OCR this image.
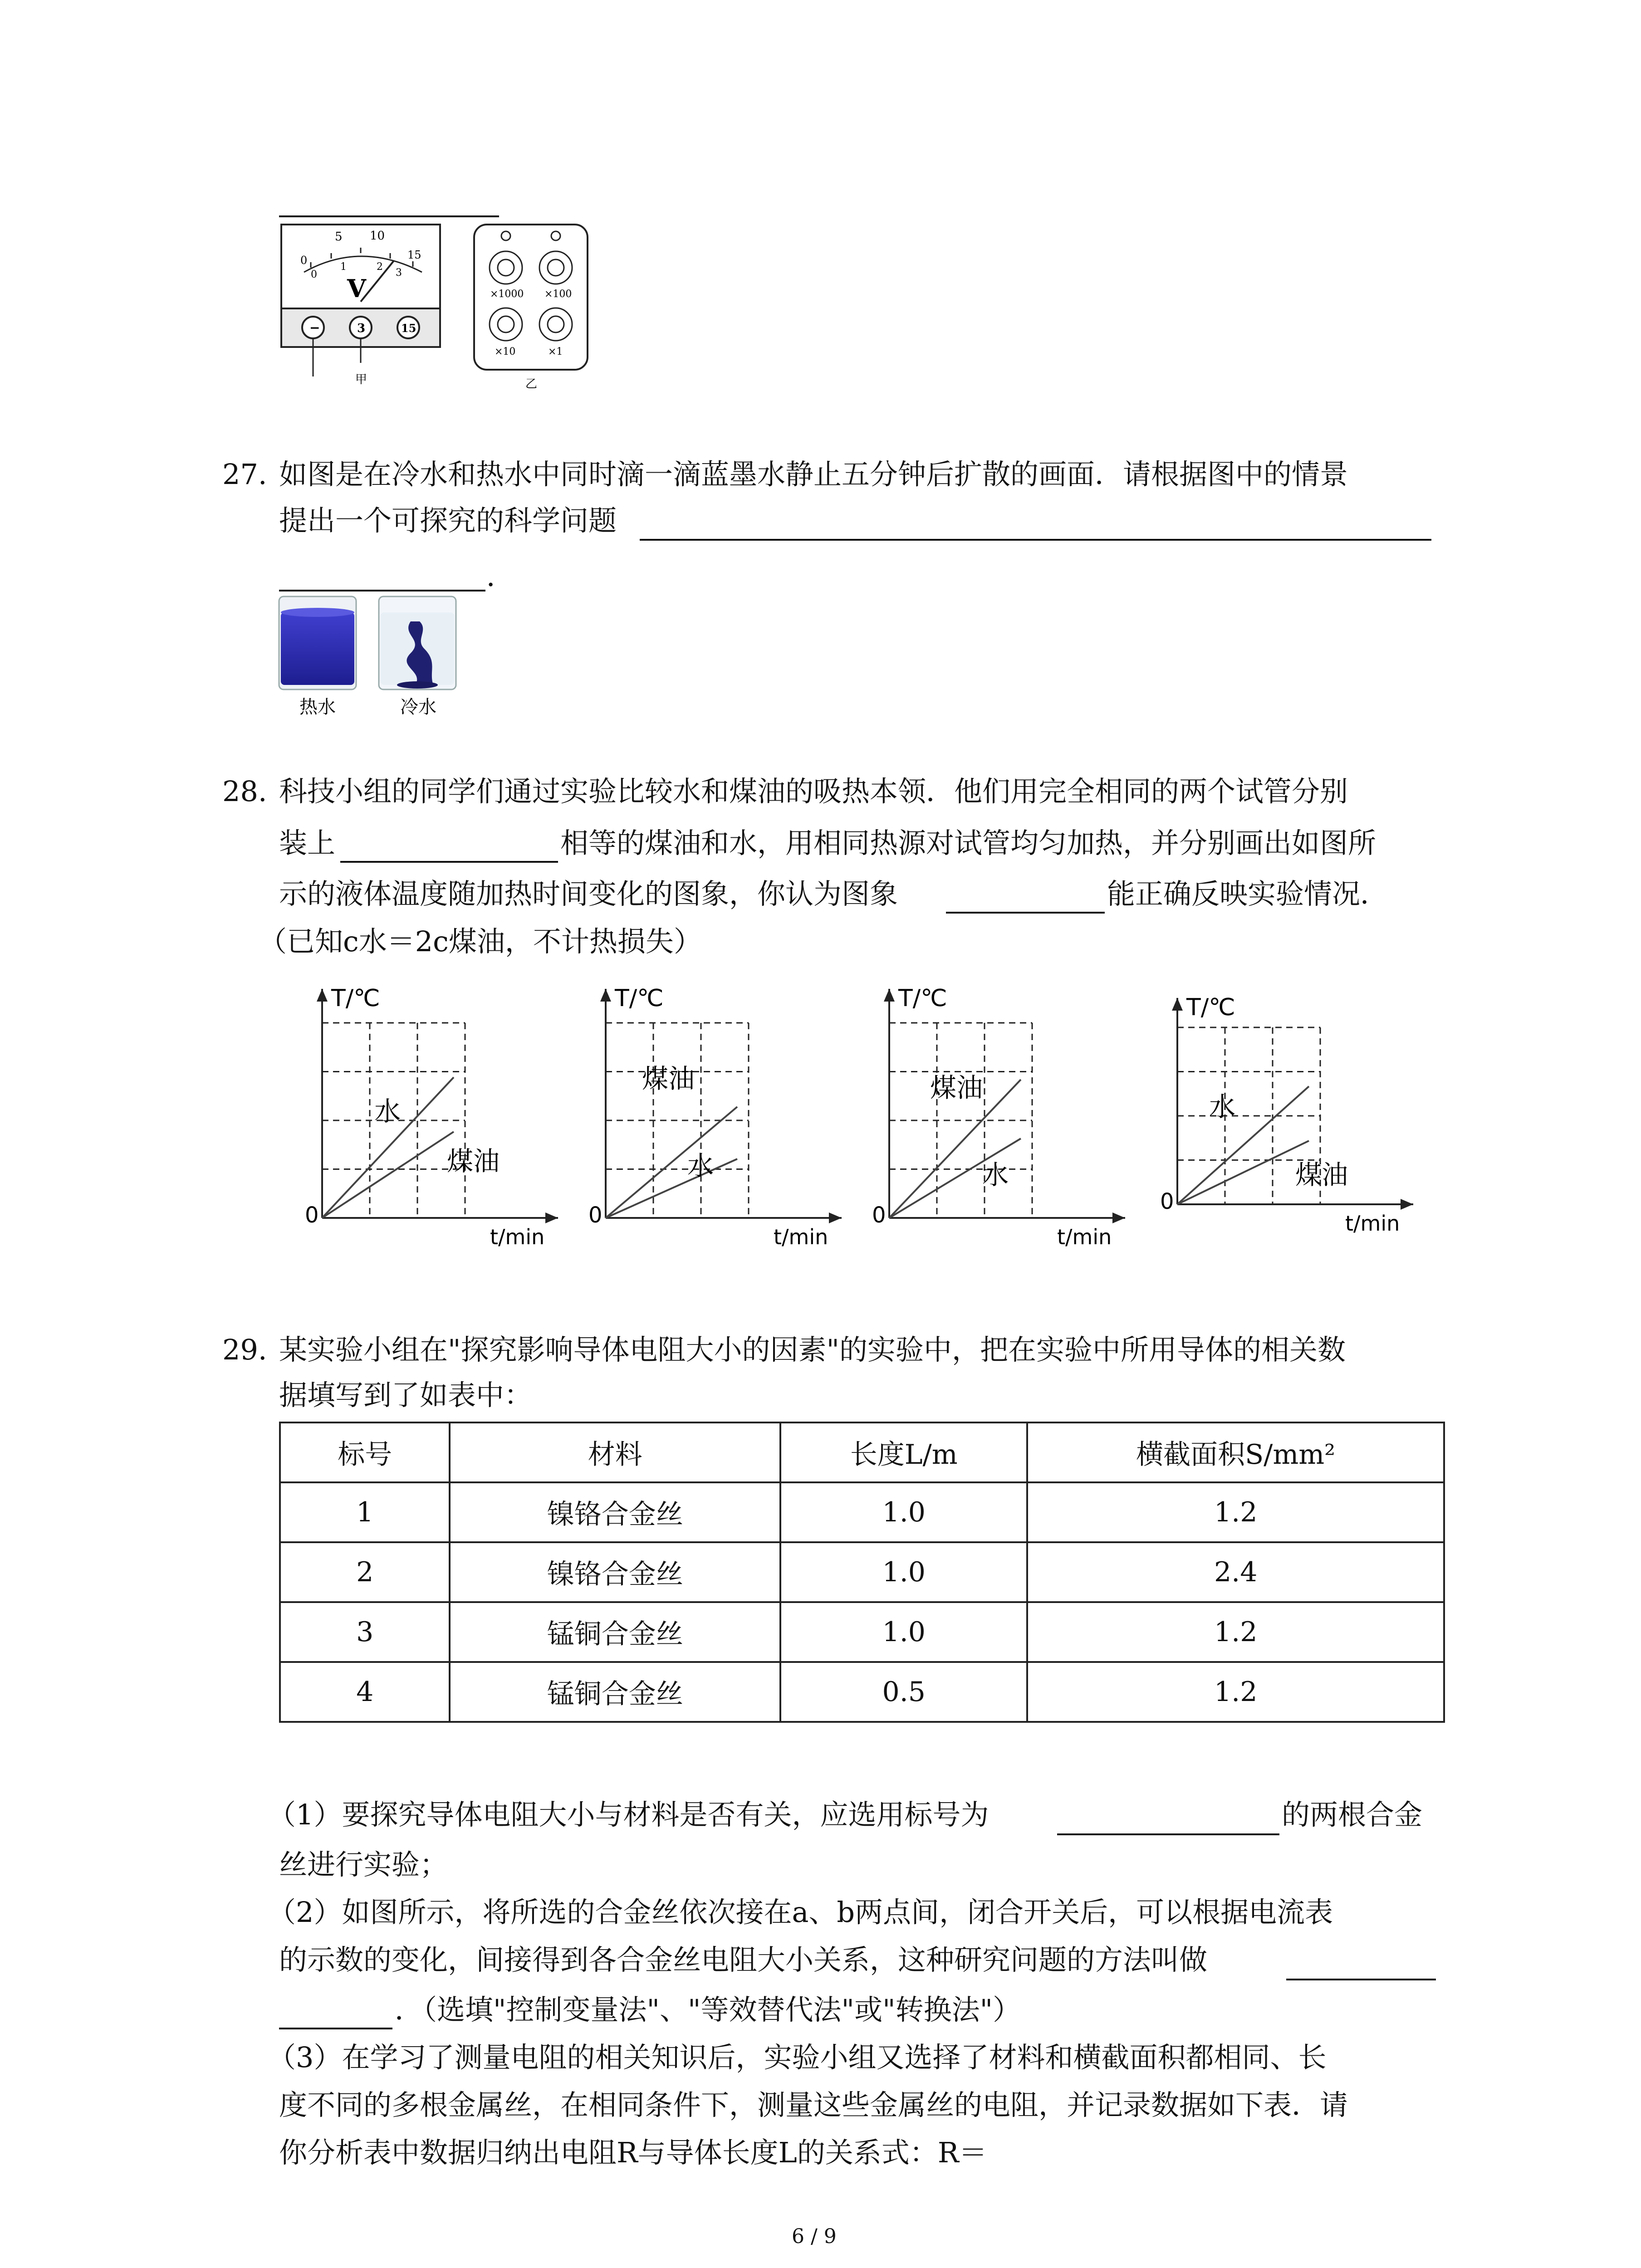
5 10
0	15
0
1	2
3
V
−	3	15
甲
×1000 ×100
×10	×1
乙
27. 如图是在冷水和热水中同时滴一滴蓝墨水静止五分钟后扩散的画面．请根据图中的情景
提出一个可探究的科学问题
．
热水	冷水
28. 科技小组的同学们通过实验比较水和煤油的吸热本领．他们用完全相同的两个试管分别
装上	相等的煤油和水，用相同热源对试管均匀加热，并分别画出如图所
示的液体温度随加热时间变化的图象，你认为图象	能正确反映实验情况．
（已知c水＝2c煤油，不计热损失）
T/℃
t/min
0
水
煤油
T/℃
t/min
0
煤油
水
T/℃
t/min
0
煤油
水
T/℃
t/min
0
水
煤油
29. 某实验小组在"探究影响导体电阻大小的因素"的实验中，把在实验中所用导体的相关数
据填写到了如表中：
标号	材料	长度L/m	横截面积S/mm²
1	镍铬合金丝	1.0	1.2
2	镍铬合金丝	1.0	2.4
3	锰铜合金丝	1.0	1.2
4	锰铜合金丝	0.5	1.2
（1）要探究导体电阻大小与材料是否有关，应选用标号为	的两根合金
丝进行实验；
（2）如图所示，将所选的合金丝依次接在a、b两点间，闭合开关后，可以根据电流表
的示数的变化，间接得到各合金丝电阻大小关系，这种研究问题的方法叫做
．（选填"控制变量法"、"等效替代法"或"转换法"）
（3）在学习了测量电阻的相关知识后，实验小组又选择了材料和横截面积都相同、长
度不同的多根金属丝，在相同条件下，测量这些金属丝的电阻，并记录数据如下表．请
你分析表中数据归纳出电阻R与导体长度L的关系式：R＝
6 / 9
